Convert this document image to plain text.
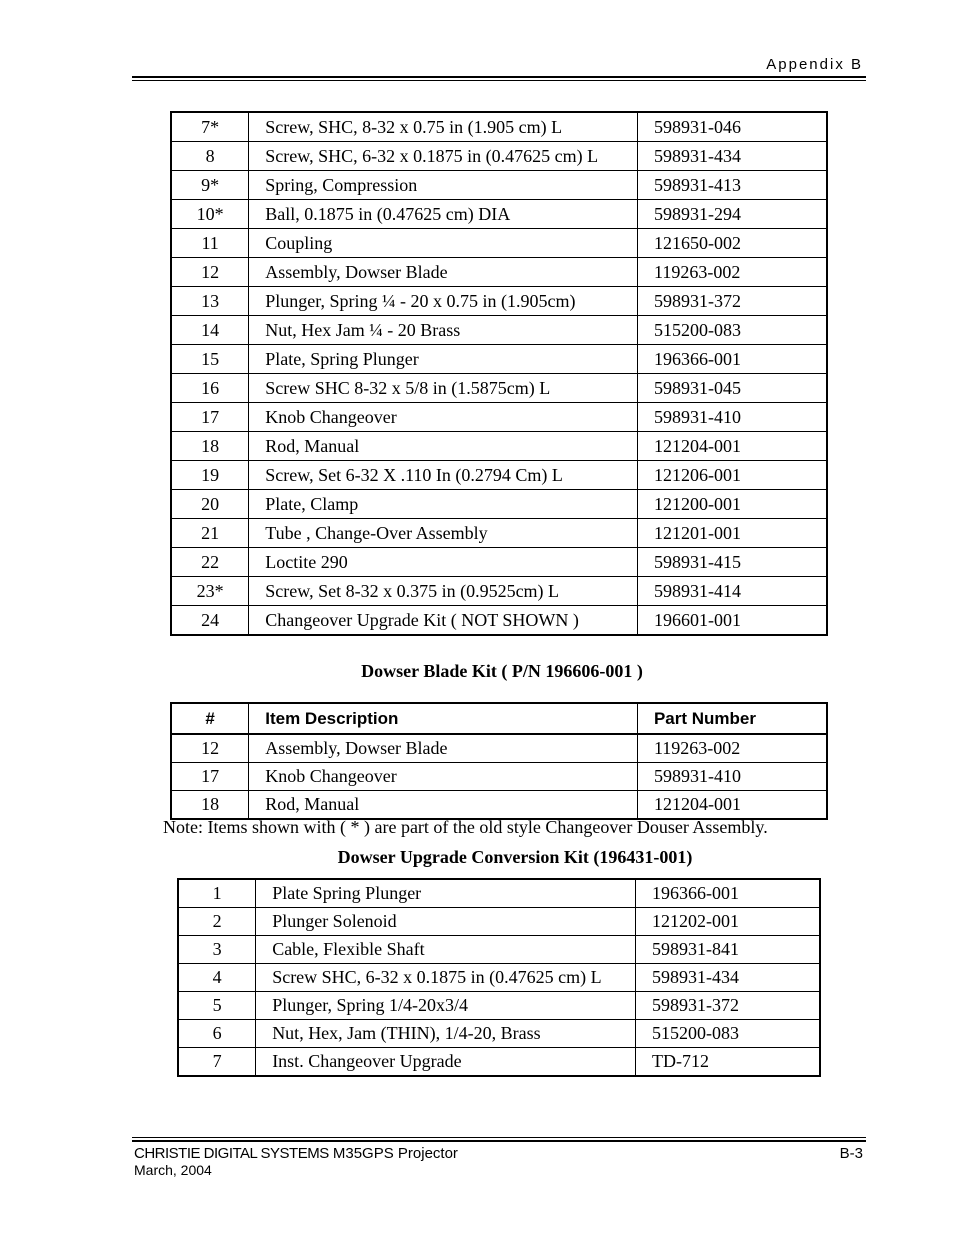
Appendix B
7*	Screw, SHC, 8-32 x 0.75 in (1.905 cm) L	598931-046
8	Screw, SHC, 6-32 x 0.1875 in (0.47625 cm) L	598931-434
9*	Spring, Compression	598931-413
10*	Ball, 0.1875 in (0.47625 cm) DIA	598931-294
11	Coupling	121650-002
12	Assembly, Dowser Blade	119263-002
13	Plunger, Spring ¼ - 20 x 0.75 in (1.905cm)	598931-372
14	Nut, Hex Jam ¼ - 20 Brass	515200-083
15	Plate, Spring Plunger	196366-001
16	Screw SHC 8-32 x 5/8 in (1.5875cm) L	598931-045
17	Knob Changeover	598931-410
18	Rod, Manual	121204-001
19	Screw, Set 6-32 X .110 In (0.2794 Cm) L	121206-001
20	Plate, Clamp	121200-001
21	Tube , Change-Over Assembly	121201-001
22	Loctite 290	598931-415
23*	Screw, Set 8-32 x 0.375 in (0.9525cm) L	598931-414
24	Changeover Upgrade Kit ( NOT SHOWN )	196601-001
Dowser Blade Kit ( P/N 196606-001 )
#	Item Description	Part Number
12	Assembly, Dowser Blade	119263-002
17	Knob Changeover	598931-410
18	Rod, Manual	121204-001
Note: Items shown with ( * ) are part of the old style Changeover Douser Assembly.
Dowser Upgrade Conversion Kit (196431-001)
1	Plate Spring Plunger	196366-001
2	Plunger Solenoid	121202-001
3	Cable, Flexible Shaft	598931-841
4	Screw SHC, 6-32 x 0.1875 in (0.47625 cm) L	598931-434
5	Plunger, Spring 1/4-20x3/4	598931-372
6	Nut, Hex, Jam (THIN), 1/4-20, Brass	515200-083
7	Inst. Changeover Upgrade	TD-712
CHRISTIE DIGITAL SYSTEMS M35GPS Projector
March, 2004
B-3
